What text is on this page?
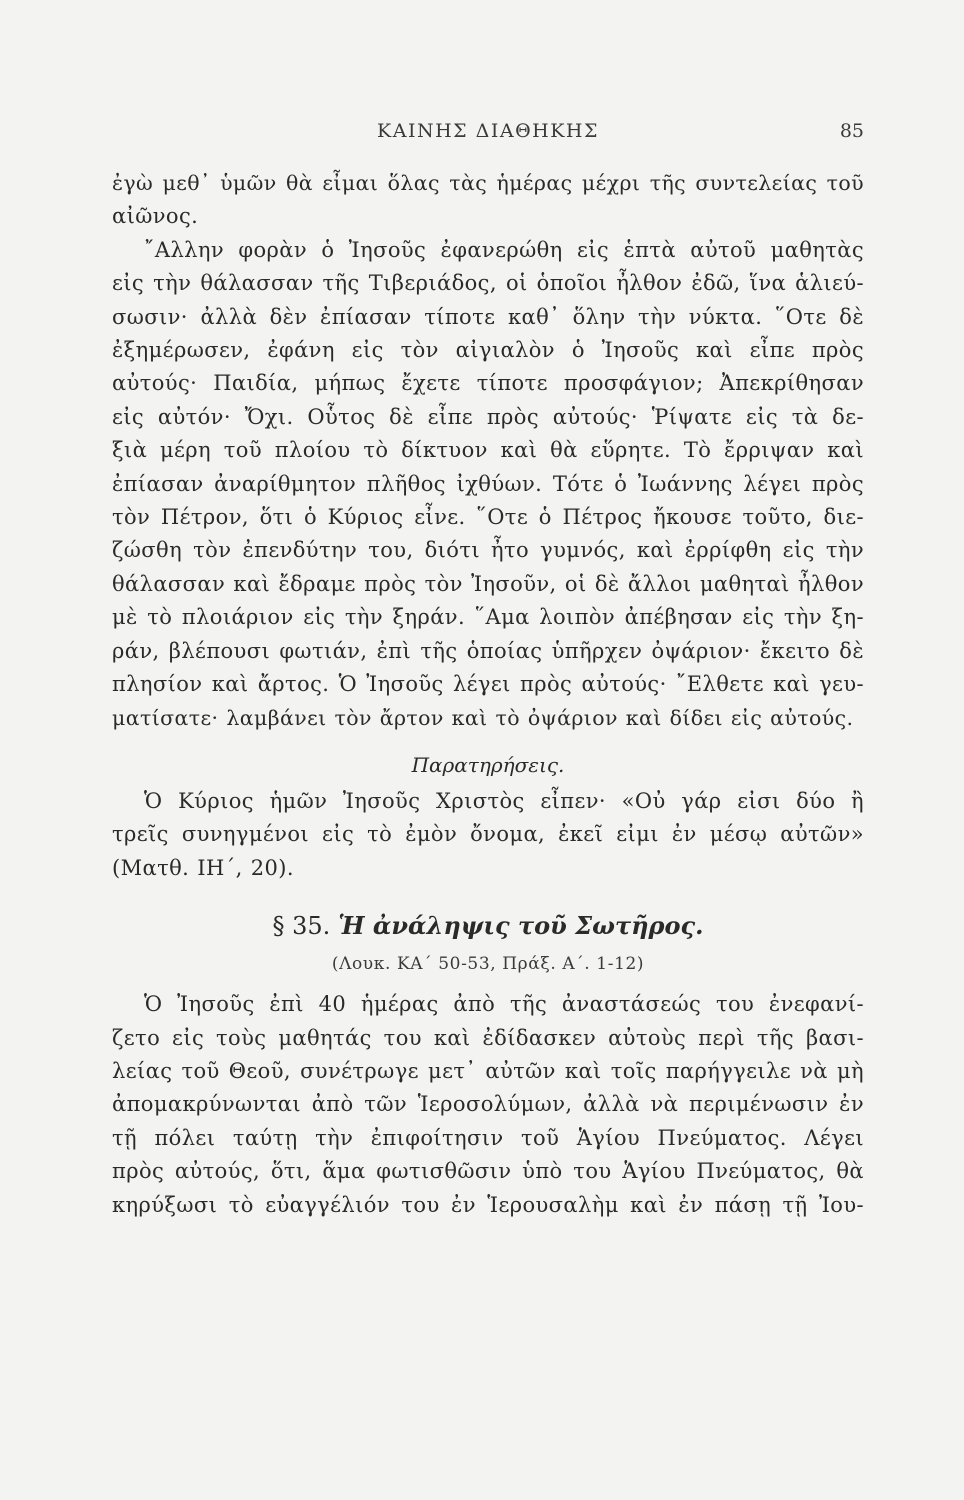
ΚΑΙΝΗΣ ΔΙΑΘΗΚΗΣ	85

ἐγὼ μεθ᾽ ὑμῶν θὰ εἶμαι ὅλας τὰς ἡμέρας μέχρι τῆς συντελείας τοῦ
αἰῶνος.

῎Αλλην φορὰν ὁ Ἰησοῦς ἐφανερώθη εἰς ἑπτὰ αὐτοῦ μαθητὰς
εἰς τὴν θάλασσαν τῆς Τιβεριάδος, οἱ ὁποῖοι ἦλθον ἐδῶ, ἵνα ἁλιεύ-
σωσιν· ἀλλὰ δὲν ἐπίασαν τίποτε καθ᾽ ὅλην τὴν νύκτα. ῞Οτε δὲ
ἐξημέρωσεν, ἐφάνη εἰς τὸν αἰγιαλὸν ὁ Ἰησοῦς καὶ εἶπε πρὸς
αὐτούς· Παιδία, μήπως ἔχετε τίποτε προσφάγιον; Ἀπεκρίθησαν
εἰς αὐτόν· Ὄχι. Οὗτος δὲ εἶπε πρὸς αὐτούς· Ῥίψατε εἰς τὰ δε-
ξιὰ μέρη τοῦ πλοίου τὸ δίκτυον καὶ θὰ εὕρητε. Τὸ ἔρριψαν καὶ
ἐπίασαν ἀναρίθμητον πλῆθος ἰχθύων. Τότε ὁ Ἰωάννης λέγει πρὸς
τὸν Πέτρον, ὅτι ὁ Κύριος εἶνε. ῞Οτε ὁ Πέτρος ἤκουσε τοῦτο, διε-
ζώσθη τὸν ἐπενδύτην του, διότι ἦτο γυμνός, καὶ ἐρρίφθη εἰς τὴν
θάλασσαν καὶ ἔδραμε πρὸς τὸν Ἰησοῦν, οἱ δὲ ἄλλοι μαθηταὶ ἦλθον
μὲ τὸ πλοιάριον εἰς τὴν ξηράν. ῞Αμα λοιπὸν ἀπέβησαν εἰς τὴν ξη-
ράν, βλέπουσι φωτιάν, ἐπὶ τῆς ὁποίας ὑπῆρχεν ὀψάριον· ἔκειτο δὲ
πλησίον καὶ ἄρτος. Ὁ Ἰησοῦς λέγει πρὸς αὐτούς· ῎Ελθετε καὶ γευ-
ματίσατε· λαμβάνει τὸν ἄρτον καὶ τὸ ὀψάριον καὶ δίδει εἰς αὐτούς.

Παρατηρήσεις.

Ὁ Κύριος ἡμῶν Ἰησοῦς Χριστὸς εἶπεν· «Οὐ γάρ εἰσι δύο ἢ
τρεῖς συνηγμένοι εἰς τὸ ἐμὸν ὄνομα, ἐκεῖ εἰμι ἐν μέσῳ αὐτῶν»
(Ματθ. ΙΗ΄, 20).

§ 35. Ἡ ἀνάληψις τοῦ Σωτῆρος.
(Λουκ. ΚΑ΄ 50-53, Πράξ. Α΄. 1-12)

Ὁ Ἰησοῦς ἐπὶ 40 ἡμέρας ἀπὸ τῆς ἀναστάσεώς του ἐνεφανί-
ζετο εἰς τοὺς μαθητάς του καὶ ἐδίδασκεν αὐτοὺς περὶ τῆς βασι-
λείας τοῦ Θεοῦ, συνέτρωγε μετ᾽ αὐτῶν καὶ τοῖς παρήγγειλε νὰ μὴ
ἀπομακρύνωνται ἀπὸ τῶν Ἱεροσολύμων, ἀλλὰ νὰ περιμένωσιν ἐν
τῇ πόλει ταύτῃ τὴν ἐπιφοίτησιν τοῦ Ἁγίου Πνεύματος. Λέγει
πρὸς αὐτούς, ὅτι, ἅμα φωτισθῶσιν ὑπὸ του Ἁγίου Πνεύματος, θὰ
κηρύξωσι τὸ εὐαγγέλιόν του ἐν Ἱερουσαλὴμ καὶ ἐν πάσῃ τῇ Ἰου-
